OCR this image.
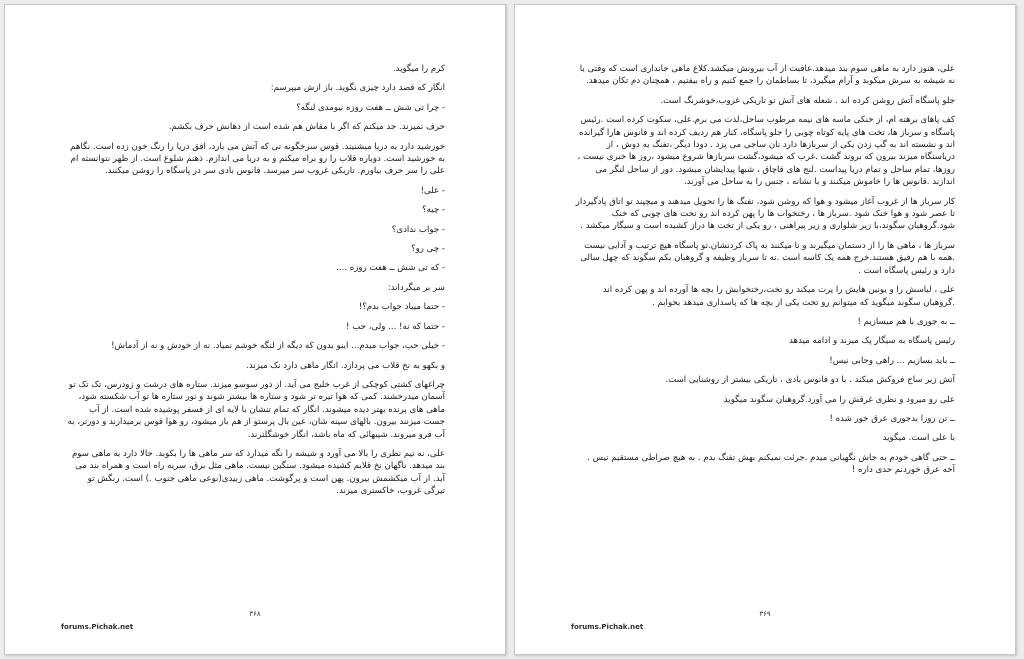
کرم را میگوید.

انگار که قصد دارد چیزی نگوید. باز ازش میپرسم:

- چرا تی شش ــ هفت روزه نیومدی لنگه؟

حرف نمیزند. جد میکنم که اگر با مقاش هم شده است از دهانش حرف بکشم.

خورشید دارد به دریا میشنیند. قوس سرخگونه تی که آتش می بارد، افق دریا را رنگ خون زده است. نگاهم به خورشید است. دوباره قلاب را رو براه میکنم و به دریا می اندازم. ذهنم شلوغ است. از ظهر نتوانسته ام علی را سر حرف بیاورم. تاریکی غروب سر میرسد. فانوس بادی سر در پاسگاه را روشن میکنند.

- علی!

- چیه؟

- جواب ندادی؟

- چی رو؟

- که تی شش ــ هفت روزه ....

سر بر میگرداند:

- حتما میباد جواب بدم؟!

- حتما که نه! ... ولی، حب !

- خیلی حب، جواب میدم... اینو بدون که دیگه از لنگه خوشم نمیاد. نه از خودش و نه از آدماش!

و بکهو به نخ قلاب می پردازد. انگار ماهی دارد نک میزند.

چراغهای کشتی کوچکی از غرب خلیج می آید. از دور سوسو میزند. ستاره های درشت و زودرس، تک تک تو آسمان میدرخشند. کمی که هوا تیره تر شود و ستاره ها بیشتر شوند و نور ستاره ها تو آب شکسته شود، ماهی های پرنده بهتر دیده میشوند. انگار که تمام تنشان با لایه ای از فسفر پوشیده شده است. از آب جست میزنند بیرون. بالهای سینه شان، عین بال پرستو از هم باز میشود، رو هوا قوس برمیدارند و دورتر، به آب فرو میروند. شیبهائی که ماه باشد، انگار خوشگلترند.

علی، نه نیم نظری را بالا می آورد و شیشه را نگه میدارد که سر ماهی ها را بکوبد. حالا دارد به ماهی سوم بند میدهد. ناگهان نخ قلابم کشیده میشود. سنگین نیست. ماهی مثل برق، سریه راه است و همراه بند می آید. از آب میکشمش بیرون. پهن است و پرگوشت. ماهی زبیدی(نوعی ماهی جنوب .) است. رنگش تو تیرگی غروب، خاکستری میزند.

۳۶۸
forums.Pichak.net

علی، هنوز دارد به ماهی سوم بند میدهد.عاقبت از آب بیرونش میکشد.کلاغ ماهی جانداری است که وقتی با نه شیشه به سرش میکوبد و آرام میگیرد، تا بساطمان را جمع کنیم و راه بیفتیم ، همچنان دم تکان میدهد.

جلو پاسگاه آتش روشن کرده اند . شعله های آتش تو تاریکی غروب،خوشرنگ است.

کف پاهای برهنه ام، از خنکی ماسه های نیمه مرطوب ساحل،لذت می برم.علی، سکوت کرده است .رئیس پاسگاه و سرباز ها، تخت های پایه کوتاه چوبی را جلو پاسگاه، کنار هم ردیف کرده اند و فانوس هارا گیرانده اند و نشسته اند به گپ زدن یکی از سربازها دارد نان ساجی می پزد . دودا دیگر ،تفنگ به دوش ، از دریاسنگاه میزند بیرون که بروند گشت .غرب که میشود،گشت سربازها شروع میشود ،روز ها خبری نیست ، روزها، تمام ساحل و تمام دریا پیداست .لنج های قاچاق ، شبها پیدایشان میشود. دور از ساحل لنگر می اندازند .فانوس ها را خاموش میکنند و با نشانه ، جنس را به ساحل می آورند.

کار سرباز ها از غروب آغاز میشود و هوا که روشن شود، تفنگ ها را تحویل میدهند و میچپند تو اتاق پادگیردار تا عصر شود و هوا خنک شود .سرباز ها ، رختخواب ها را پهن کرده اند رو تخت های چوبی که خنک شود.گروهبان سگوند،با زیر شلواری و زیر پیراهنی ، رو یکی از تخت ها دراز کشیده است و سیگار میکشد .

سرباز ها ، ماهی ها را از دستمان میگیرند و نا میکنند به پاک کردنشان.تو پاسگاه هیچ ترتیب و آدابی نیست .همه با هم رفیق هستند.خرج همه یک کاسه است .نه تا سرباز وظیفه و گروهبان بکم سگوند که چهل سالی دارد و رئیس پاسگاه است .

علی ، لباسش را و یونین هایش را پرت میکند رو تخت،رختخوابش را بچه ها آورده اند و پهن کرده اند .گروهبان سگوند میگوید که میتوانم رو تخت یکی از بچه ها که پاسداری میدهد بخوابم .

ــ به جوری با هم میسازیم !

رئیس پاسگاه به سیگار پک میزند و ادامه میدهد

ــ باید بسازیم ... راهی وجابی نیس!

آتش زیر ساج فروکش میکند . با دو فانوس بادی ، تاریکی بیشتر از روشنایی است.

علی رو میرود و نظری غرقش را می آورد.گروهبان سگوند میگوید

ــ تن روزا بدجوری عرق خور شده !

با علی است. میگوید

ــ حتی گاهی خودم به جاش نگهبانی میدم .جرئت نمیکنم بهش تفنگ بدم . به هیچ صراطی مستقیم نیس . آخه عرق خوردنم حدی داره !

۳۶۹
forums.Pichak.net
